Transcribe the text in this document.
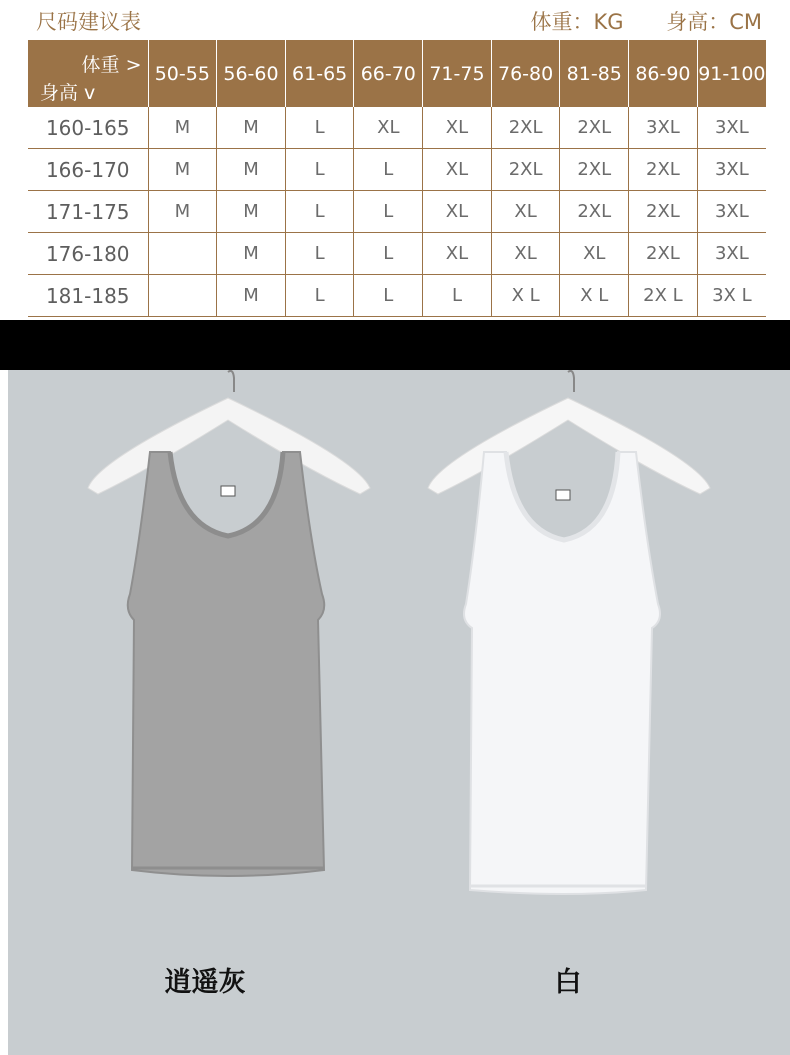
尺码建议表	体重：KG 身高：CM
体重 >
身高 v	50-55	56-60	61-65	66-70	71-75	76-80	81-85	86-90	91-100
160-165	M	M	L	XL	XL	2XL	2XL	3XL	3XL
166-170	M	M	L	L	XL	2XL	2XL	2XL	3XL
171-175	M	M	L	L	XL	XL	2XL	2XL	3XL
176-180		M	L	L	XL	XL	XL	2XL	3XL
181-185		M	L	L	L	X L	X L	2X L	3X L
逍遥灰	白
